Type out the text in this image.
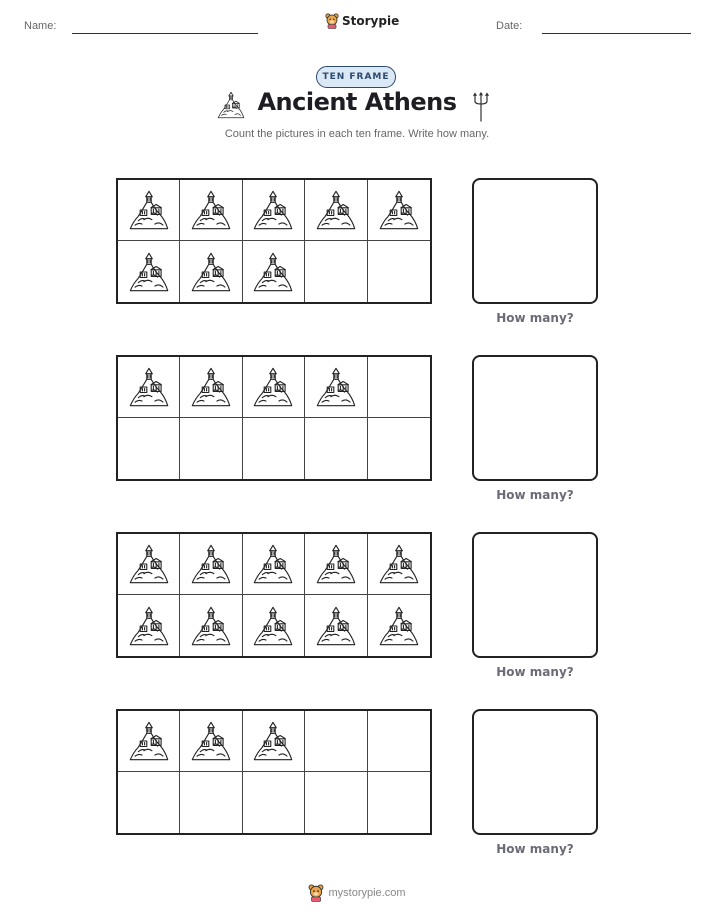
Name:	Storypie	Date:
TEN FRAME
Ancient Athens
Count the pictures in each ten frame. Write how many.
How many?
How many?
How many?
How many?
mystorypie.com
